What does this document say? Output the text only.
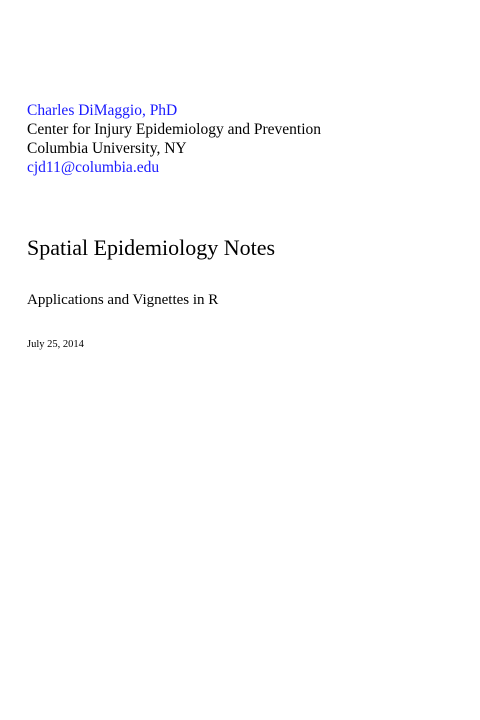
Charles DiMaggio, PhD
Center for Injury Epidemiology and Prevention
Columbia University, NY
cjd11@columbia.edu
Spatial Epidemiology Notes
Applications and Vignettes in R
July 25, 2014
